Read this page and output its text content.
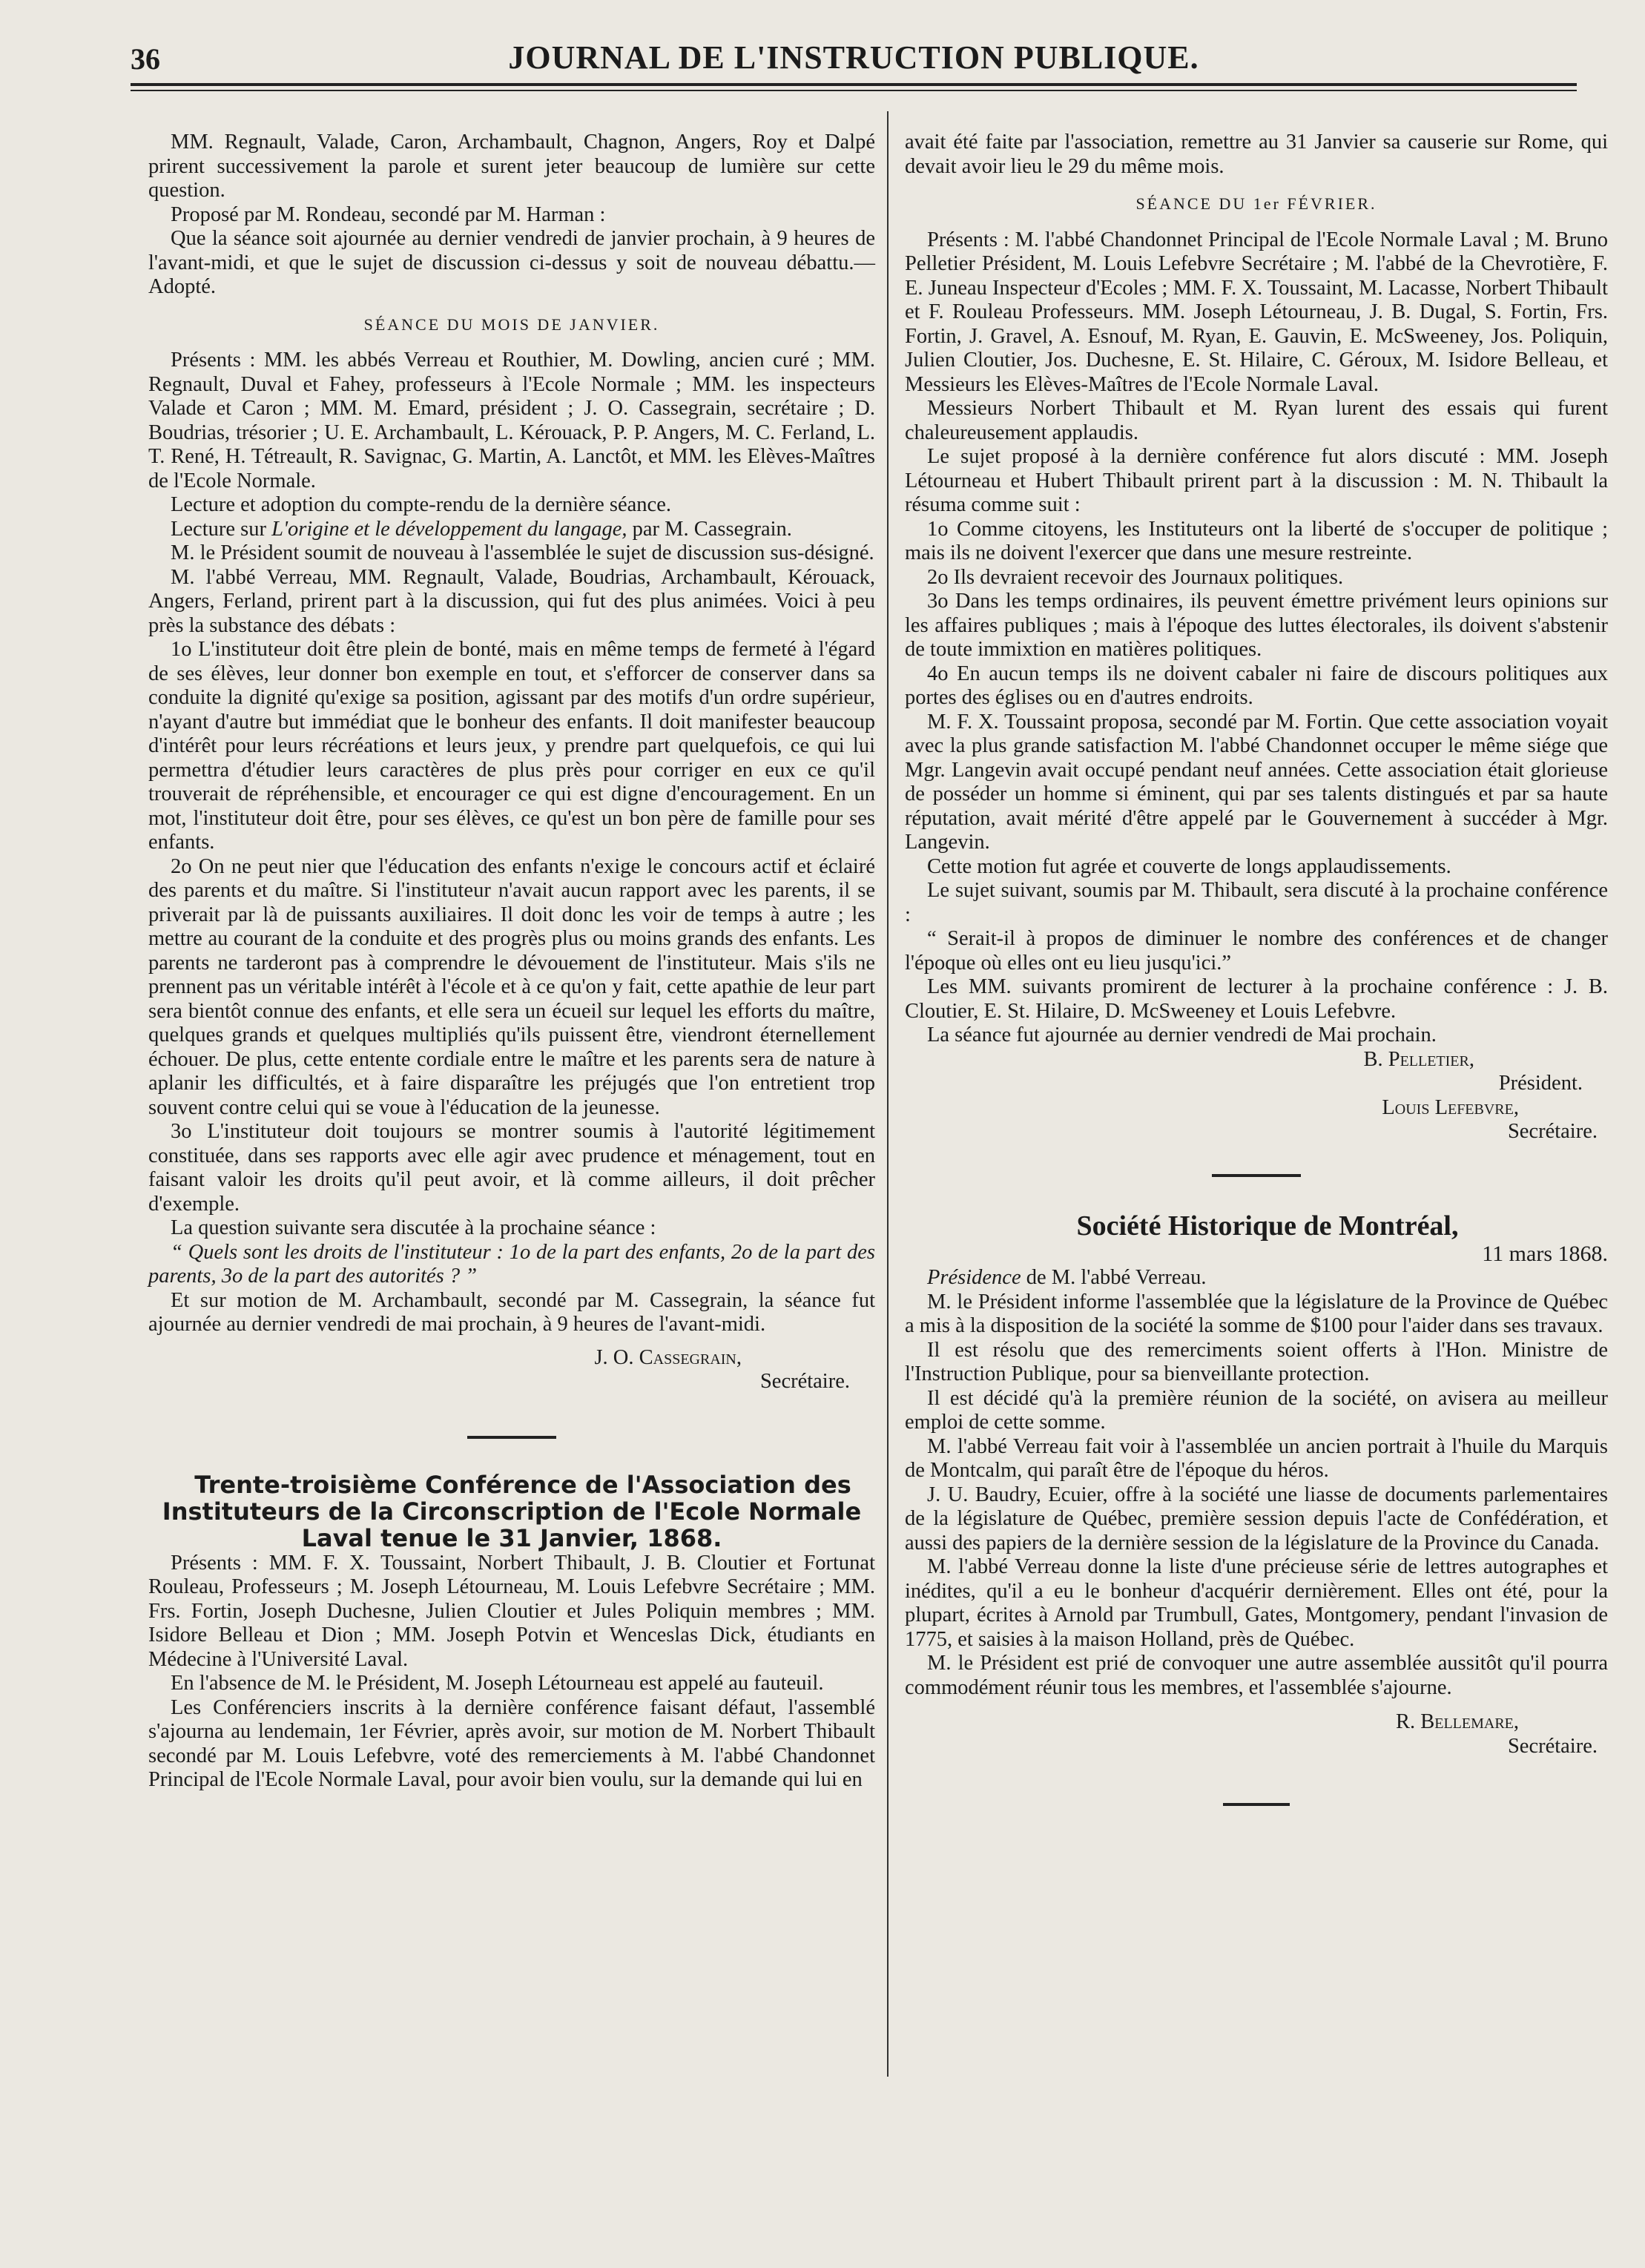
36	JOURNAL DE L'INSTRUCTION PUBLIQUE.

MM. Regnault, Valade, Caron, Archambault, Chagnon, Angers, Roy et Dalpé prirent successivement la parole et surent jeter beaucoup de lumière sur cette question.

Proposé par M. Rondeau, secondé par M. Harman :

Que la séance soit ajournée au dernier vendredi de janvier prochain, à 9 heures de l'avant-midi, et que le sujet de discussion ci-dessus y soit de nouveau débattu.—Adopté.

SÉANCE DU MOIS DE JANVIER.

Présents : MM. les abbés Verreau et Routhier, M. Dowling, ancien curé ; MM. Regnault, Duval et Fahey, professeurs à l'Ecole Normale ; MM. les inspecteurs Valade et Caron ; MM. M. Emard, président ; J. O. Cassegrain, secrétaire ; D. Boudrias, trésorier ; U. E. Archambault, L. Kérouack, P. P. Angers, M. C. Ferland, L. T. René, H. Tétreault, R. Savignac, G. Martin, A. Lanctôt, et MM. les Elèves-Maîtres de l'Ecole Normale.

Lecture et adoption du compte-rendu de la dernière séance.

Lecture sur L'origine et le développement du langage, par M. Cassegrain.

M. le Président soumit de nouveau à l'assemblée le sujet de discussion sus-désigné.

M. l'abbé Verreau, MM. Regnault, Valade, Boudrias, Archambault, Kérouack, Angers, Ferland, prirent part à la discussion, qui fut des plus animées. Voici à peu près la substance des débats :

1o L'instituteur doit être plein de bonté, mais en même temps de fermeté à l'égard de ses élèves, leur donner bon exemple en tout, et s'efforcer de conserver dans sa conduite la dignité qu'exige sa position, agissant par des motifs d'un ordre supérieur, n'ayant d'autre but immédiat que le bonheur des enfants. Il doit manifester beaucoup d'intérêt pour leurs récréations et leurs jeux, y prendre part quelquefois, ce qui lui permettra d'étudier leurs caractères de plus près pour corriger en eux ce qu'il trouverait de répréhensible, et encourager ce qui est digne d'encouragement. En un mot, l'instituteur doit être, pour ses élèves, ce qu'est un bon père de famille pour ses enfants.

2o On ne peut nier que l'éducation des enfants n'exige le concours actif et éclairé des parents et du maître. Si l'instituteur n'avait aucun rapport avec les parents, il se priverait par là de puissants auxiliaires. Il doit donc les voir de temps à autre ; les mettre au courant de la conduite et des progrès plus ou moins grands des enfants. Les parents ne tarderont pas à comprendre le dévouement de l'instituteur. Mais s'ils ne prennent pas un véritable intérêt à l'école et à ce qu'on y fait, cette apathie de leur part sera bientôt connue des enfants, et elle sera un écueil sur lequel les efforts du maître, quelques grands et quelques multipliés qu'ils puissent être, viendront éternellement échouer. De plus, cette entente cordiale entre le maître et les parents sera de nature à aplanir les difficultés, et à faire disparaître les préjugés que l'on entretient trop souvent contre celui qui se voue à l'éducation de la jeunesse.

3o L'instituteur doit toujours se montrer soumis à l'autorité légitimement constituée, dans ses rapports avec elle agir avec prudence et ménagement, tout en faisant valoir les droits qu'il peut avoir, et là comme ailleurs, il doit prêcher d'exemple.

La question suivante sera discutée à la prochaine séance :

“ Quels sont les droits de l'instituteur : 1o de la part des enfants, 2o de la part des parents, 3o de la part des autorités ? ”

Et sur motion de M. Archambault, secondé par M. Cassegrain, la séance fut ajournée au dernier vendredi de mai prochain, à 9 heures de l'avant-midi.

J. O. Cassegrain,

Secrétaire.

Trente-troisième Conférence de l'Association des Instituteurs de la Circonscription de l'Ecole Normale Laval tenue le 31 Janvier, 1868.

Présents : MM. F. X. Toussaint, Norbert Thibault, J. B. Cloutier et Fortunat Rouleau, Professeurs ; M. Joseph Létourneau, M. Louis Lefebvre Secrétaire ; MM. Frs. Fortin, Joseph Duchesne, Julien Cloutier et Jules Poliquin membres ; MM. Isidore Belleau et Dion ; MM. Joseph Potvin et Wenceslas Dick, étudiants en Médecine à l'Université Laval.

En l'absence de M. le Président, M. Joseph Létourneau est appelé au fauteuil.

Les Conférenciers inscrits à la dernière conférence faisant défaut, l'assemblé s'ajourna au lendemain, 1er Février, après avoir, sur motion de M. Norbert Thibault secondé par M. Louis Lefebvre, voté des remerciements à M. l'abbé Chandonnet Principal de l'Ecole Normale Laval, pour avoir bien voulu, sur la demande qui lui en

avait été faite par l'association, remettre au 31 Janvier sa causerie sur Rome, qui devait avoir lieu le 29 du même mois.

SÉANCE DU 1er FÉVRIER.

Présents : M. l'abbé Chandonnet Principal de l'Ecole Normale Laval ; M. Bruno Pelletier Président, M. Louis Lefebvre Secrétaire ; M. l'abbé de la Chevrotière, F. E. Juneau Inspecteur d'Ecoles ; MM. F. X. Toussaint, M. Lacasse, Norbert Thibault et F. Rouleau Professeurs. MM. Joseph Létourneau, J. B. Dugal, S. Fortin, Frs. Fortin, J. Gravel, A. Esnouf, M. Ryan, E. Gauvin, E. McSweeney, Jos. Poliquin, Julien Cloutier, Jos. Duchesne, E. St. Hilaire, C. Géroux, M. Isidore Belleau, et Messieurs les Elèves-Maîtres de l'Ecole Normale Laval.

Messieurs Norbert Thibault et M. Ryan lurent des essais qui furent chaleureusement applaudis.

Le sujet proposé à la dernière conférence fut alors discuté : MM. Joseph Létourneau et Hubert Thibault prirent part à la discussion : M. N. Thibault la résuma comme suit :

1o Comme citoyens, les Instituteurs ont la liberté de s'occuper de politique ; mais ils ne doivent l'exercer que dans une mesure restreinte.

2o Ils devraient recevoir des Journaux politiques.

3o Dans les temps ordinaires, ils peuvent émettre privément leurs opinions sur les affaires publiques ; mais à l'époque des luttes électorales, ils doivent s'abstenir de toute immixtion en matières politiques.

4o En aucun temps ils ne doivent cabaler ni faire de discours politiques aux portes des églises ou en d'autres endroits.

M. F. X. Toussaint proposa, secondé par M. Fortin. Que cette association voyait avec la plus grande satisfaction M. l'abbé Chandonnet occuper le même siége que Mgr. Langevin avait occupé pendant neuf années. Cette association était glorieuse de posséder un homme si éminent, qui par ses talents distingués et par sa haute réputation, avait mérité d'être appelé par le Gouvernement à succéder à Mgr. Langevin.

Cette motion fut agrée et couverte de longs applaudissements.

Le sujet suivant, soumis par M. Thibault, sera discuté à la prochaine conférence :

“ Serait-il à propos de diminuer le nombre des conférences et de changer l'époque où elles ont eu lieu jusqu'ici.”

Les MM. suivants promirent de lecturer à la prochaine conférence : J. B. Cloutier, E. St. Hilaire, D. McSweeney et Louis Lefebvre.

La séance fut ajournée au dernier vendredi de Mai prochain.

B. Pelletier,

Président.

Louis Lefebvre,

Secrétaire.

Société Historique de Montréal,

11 mars 1868.

Présidence de M. l'abbé Verreau.

M. le Président informe l'assemblée que la législature de la Province de Québec a mis à la disposition de la société la somme de $100 pour l'aider dans ses travaux.

Il est résolu que des remerciments soient offerts à l'Hon. Ministre de l'Instruction Publique, pour sa bienveillante protection.

Il est décidé qu'à la première réunion de la société, on avisera au meilleur emploi de cette somme.

M. l'abbé Verreau fait voir à l'assemblée un ancien portrait à l'huile du Marquis de Montcalm, qui paraît être de l'époque du héros.

J. U. Baudry, Ecuier, offre à la société une liasse de documents parlementaires de la législature de Québec, première session depuis l'acte de Confédération, et aussi des papiers de la dernière session de la législature de la Province du Canada.

M. l'abbé Verreau donne la liste d'une précieuse série de lettres autographes et inédites, qu'il a eu le bonheur d'acquérir dernièrement. Elles ont été, pour la plupart, écrites à Arnold par Trumbull, Gates, Montgomery, pendant l'invasion de 1775, et saisies à la maison Holland, près de Québec.

M. le Président est prié de convoquer une autre assemblée aussitôt qu'il pourra commodément réunir tous les membres, et l'assemblée s'ajourne.

R. Bellemare,

Secrétaire.
